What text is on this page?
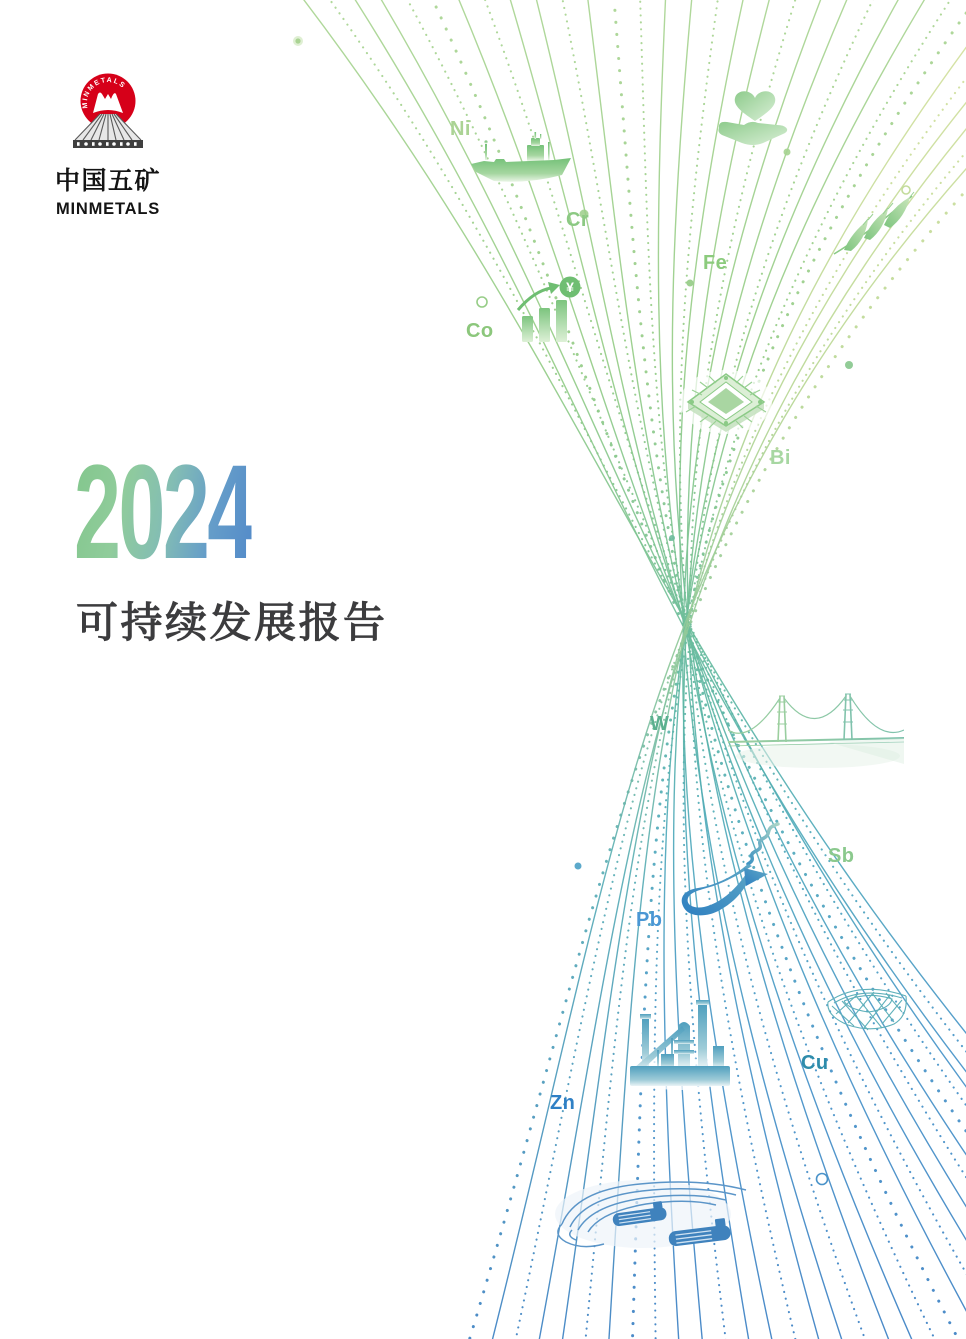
¥
Ni
Cr
Fe
Co
Bi
W
Sb
Pb
Cu
Zn
MINMETALS
中国五矿
MINMETALS
2024
可持续发展报告
